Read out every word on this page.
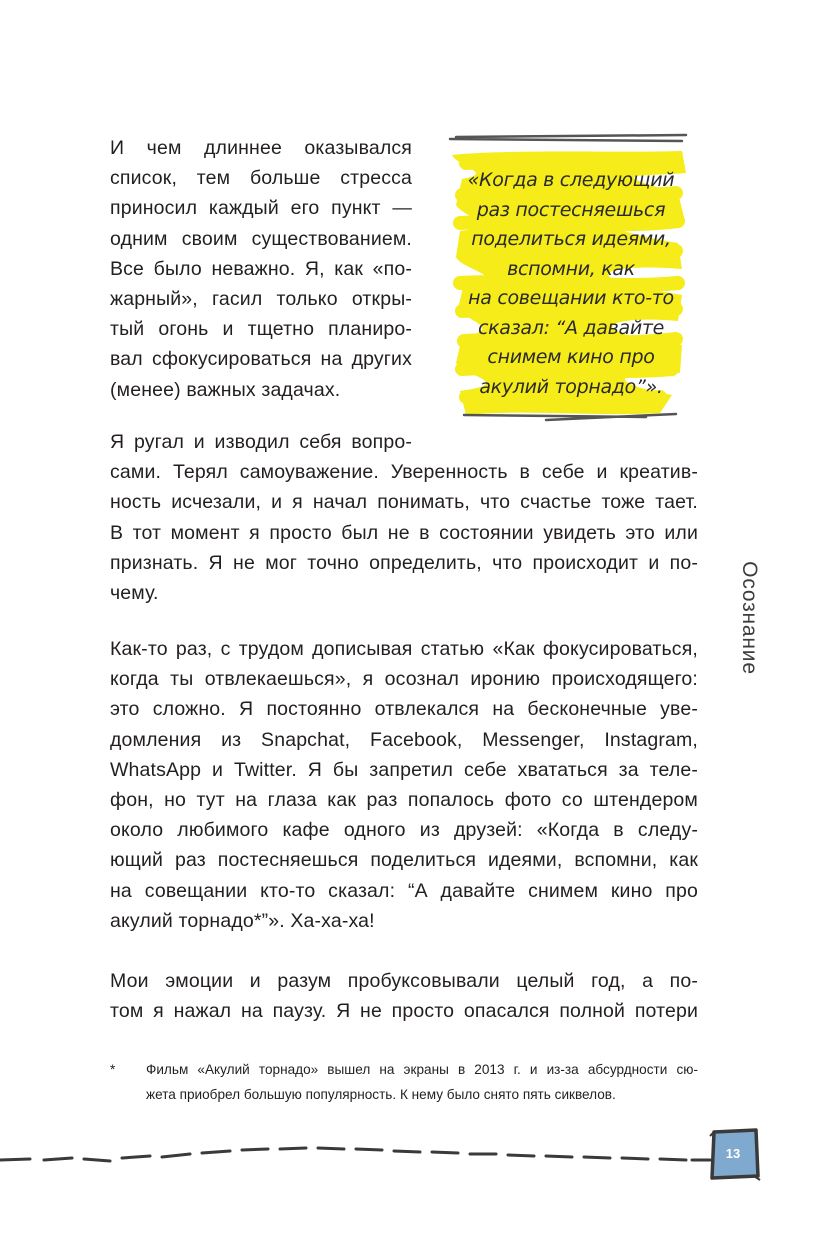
И чем длиннее оказывался
список, тем больше стресса
приносил каждый его пункт —
одним своим существованием.
Все было неважно. Я, как «по-
жарный», гасил только откры-
тый огонь и тщетно планиро-
вал сфокусироваться на других
(менее) важных задачах.
«Когда в следующий
раз постесняешься
поделиться идеями,
вспомни, как
на совещании кто-то
сказал: “А давайте
снимем кино про
акулий торнадо”».
Я ругал и изводил себя вопро-
сами. Терял самоуважение. Уверенность в себе и креатив-
ность исчезали, и я начал понимать, что счастье тоже тает.
В тот момент я просто был не в состоянии увидеть это или
признать. Я не мог точно определить, что происходит и по-
чему.
Как-то раз, с трудом дописывая статью «Как фокусироваться,
когда ты отвлекаешься», я осознал иронию происходящего:
это сложно. Я постоянно отвлекался на бесконечные уве-
домления из Snapchat, Facebook, Messenger, Instagram,
WhatsApp и Twitter. Я бы запретил себе хвататься за теле-
фон, но тут на глаза как раз попалось фото со штендером
около любимого кафе одного из друзей: «Когда в следу-
ющий раз постесняешься поделиться идеями, вспомни, как
на совещании кто-то сказал: “А давайте снимем кино про
акулий торнадо*”». Ха-ха-ха!
Мои эмоции и разум пробуксовывали целый год, а по-
том я нажал на паузу. Я не просто опасался полной потери
Осознание
* Фильм «Акулий торнадо» вышел на экраны в 2013 г. и из-за абсурдности сю-
жета приобрел большую популярность. К нему было снято пять сиквелов.
13
